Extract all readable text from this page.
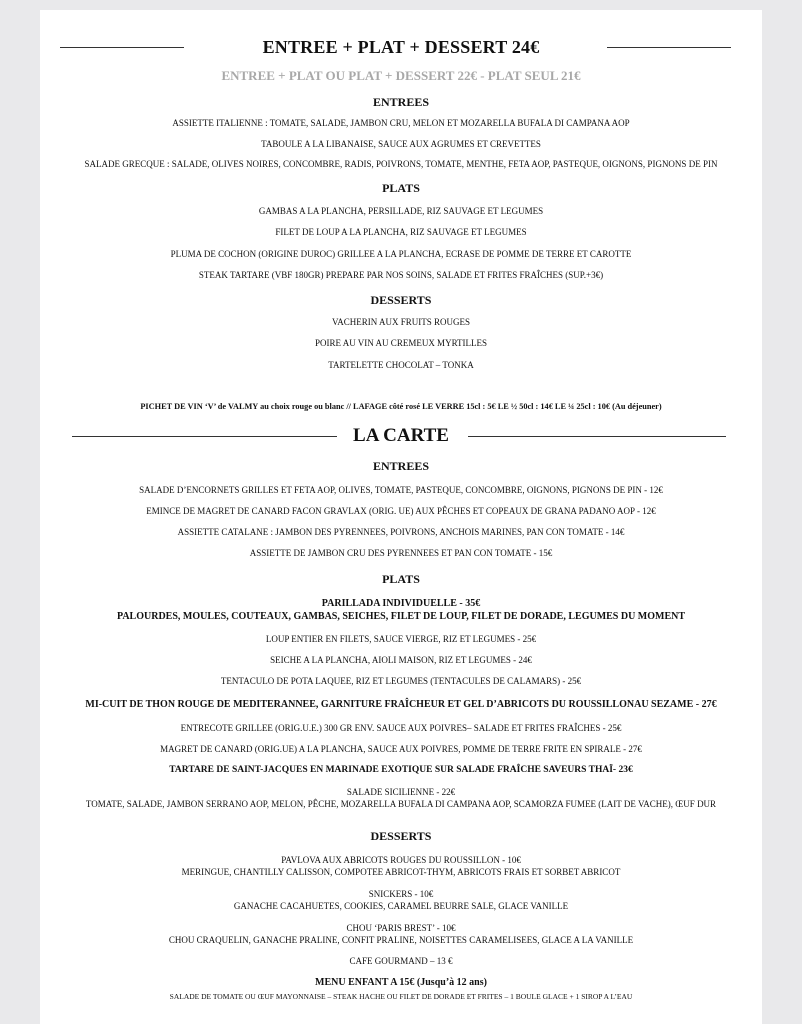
ENTREE + PLAT + DESSERT 24€
ENTREE + PLAT OU PLAT + DESSERT 22€ - PLAT SEUL 21€
ENTREES
ASSIETTE ITALIENNE : TOMATE, SALADE, JAMBON CRU, MELON ET MOZARELLA BUFALA DI CAMPANA AOP
TABOULE A LA LIBANAISE, SAUCE AUX AGRUMES ET CREVETTES
SALADE GRECQUE : SALADE, OLIVES NOIRES, CONCOMBRE, RADIS, POIVRONS, TOMATE, MENTHE, FETA AOP, PASTEQUE, OIGNONS, PIGNONS DE PIN
PLATS
GAMBAS A LA PLANCHA, PERSILLADE, RIZ SAUVAGE ET LEGUMES
FILET DE LOUP A LA PLANCHA, RIZ SAUVAGE ET LEGUMES
PLUMA DE COCHON (ORIGINE DUROC) GRILLEE A LA PLANCHA, ECRASE DE POMME DE TERRE ET CAROTTE
STEAK TARTARE (VBF 180GR) PREPARE PAR NOS SOINS, SALADE ET FRITES FRAÎCHES (SUP.+3€)
DESSERTS
VACHERIN AUX FRUITS ROUGES
POIRE AU VIN AU CREMEUX MYRTILLES
TARTELETTE CHOCOLAT – TONKA
PICHET DE VIN ‘V’ de VALMY au choix rouge ou blanc // LAFAGE côté rosé LE VERRE 15cl : 5€ LE ½ 50cl : 14€ LE ¼ 25cl : 10€ (Au déjeuner)
LA CARTE
ENTREES
SALADE D’ENCORNETS GRILLES ET FETA AOP, OLIVES, TOMATE, PASTEQUE, CONCOMBRE, OIGNONS, PIGNONS DE PIN - 12€
EMINCE DE MAGRET DE CANARD FACON GRAVLAX (ORIG. UE) AUX PÊCHES ET COPEAUX DE GRANA PADANO AOP - 12€
ASSIETTE CATALANE : JAMBON DES PYRENNEES, POIVRONS, ANCHOIS MARINES, PAN CON TOMATE - 14€
ASSIETTE DE JAMBON CRU DES PYRENNEES ET PAN CON TOMATE - 15€
PLATS
PARILLADA INDIVIDUELLE - 35€
PALOURDES, MOULES, COUTEAUX, GAMBAS, SEICHES, FILET DE LOUP, FILET DE DORADE, LEGUMES DU MOMENT
LOUP ENTIER EN FILETS, SAUCE VIERGE, RIZ ET LEGUMES - 25€
SEICHE A LA PLANCHA, AIOLI MAISON, RIZ ET LEGUMES - 24€
TENTACULO DE POTA LAQUEE, RIZ ET LEGUMES (TENTACULES DE CALAMARS) - 25€
MI-CUIT DE THON ROUGE DE MEDITERANNEE, GARNITURE FRAÎCHEUR ET GEL D’ABRICOTS DU ROUSSILLONAU SEZAME - 27€
ENTRECOTE GRILLEE (ORIG.U.E.) 300 GR ENV. SAUCE AUX POIVRES– SALADE ET FRITES FRAÎCHES - 25€
MAGRET DE CANARD (ORIG.UE) A LA PLANCHA, SAUCE AUX POIVRES, POMME DE TERRE FRITE EN SPIRALE - 27€
TARTARE DE SAINT-JACQUES EN MARINADE EXOTIQUE SUR SALADE FRAÎCHE SAVEURS THAÏ- 23€
SALADE SICILIENNE - 22€
TOMATE, SALADE, JAMBON SERRANO AOP, MELON, PÊCHE, MOZARELLA BUFALA DI CAMPANA AOP, SCAMORZA FUMEE (LAIT DE VACHE), ŒUF DUR
DESSERTS
PAVLOVA AUX ABRICOTS ROUGES DU ROUSSILLON - 10€
MERINGUE, CHANTILLY CALISSON, COMPOTEE ABRICOT-THYM, ABRICOTS FRAIS ET SORBET ABRICOT
SNICKERS - 10€
GANACHE CACAHUETES, COOKIES, CARAMEL BEURRE SALE, GLACE VANILLE
CHOU ‘PARIS BREST’ - 10€
CHOU CRAQUELIN, GANACHE PRALINE, CONFIT PRALINE, NOISETTES CARAMELISEES, GLACE A LA VANILLE
CAFE GOURMAND – 13 €
MENU ENFANT A 15€ (Jusqu’à 12 ans)
SALADE DE TOMATE OU ŒUF MAYONNAISE – STEAK HACHE OU FILET DE DORADE ET FRITES – 1 BOULE GLACE + 1 SIROP A L’EAU
